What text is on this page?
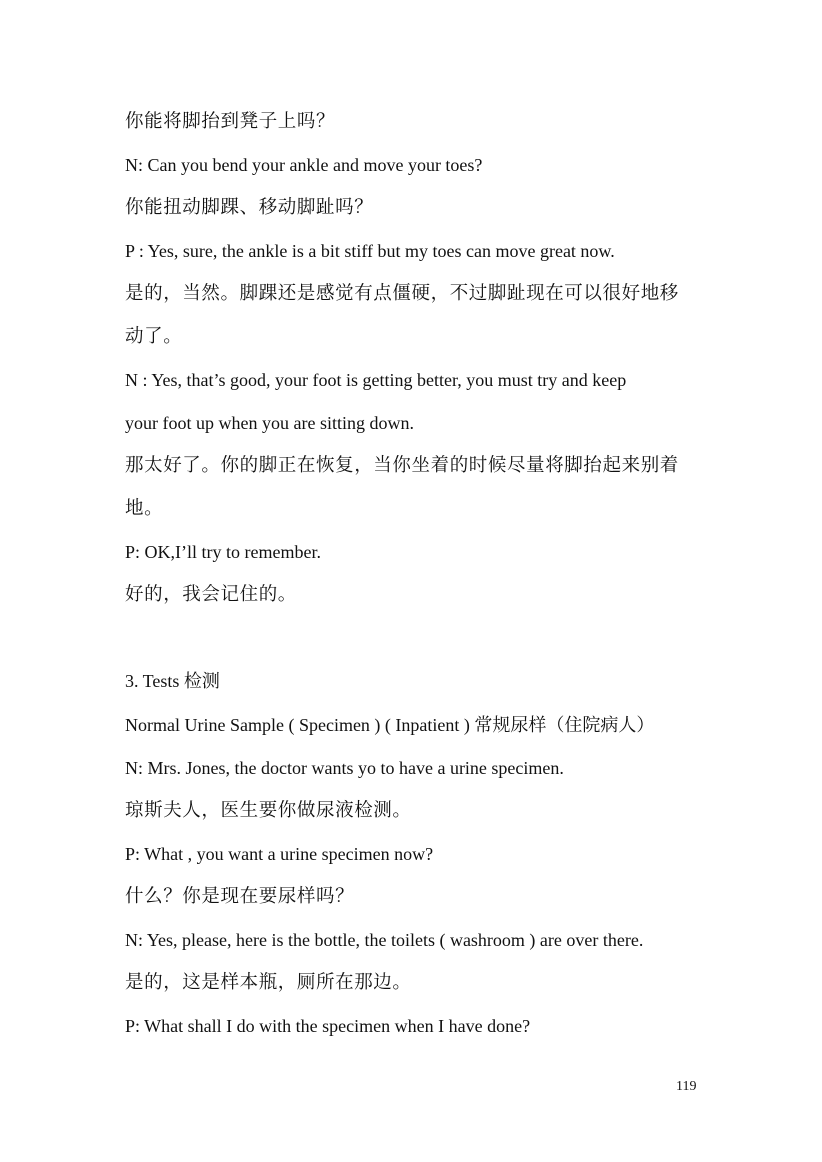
你能将脚抬到凳子上吗？
N: Can you bend your ankle and move your toes?
你能扭动脚踝、移动脚趾吗？
P : Yes, sure, the ankle is a bit stiff but my toes can move great now.
是的，当然。脚踝还是感觉有点僵硬，不过脚趾现在可以很好地移
动了。
N : Yes, that’s good, your foot is getting better, you must try and keep
your foot up when you are sitting down.
那太好了。你的脚正在恢复，当你坐着的时候尽量将脚抬起来别着
地。
P: OK,I’ll try to remember.
好的，我会记住的。
3. Tests 检测
Normal Urine Sample ( Specimen ) ( Inpatient ) 常规尿样（住院病人）
N: Mrs. Jones, the doctor wants yo to have a urine specimen.
琼斯夫人，医生要你做尿液检测。
P: What , you want a urine specimen now?
什么？你是现在要尿样吗？
N: Yes, please, here is the bottle, the toilets ( washroom ) are over there.
是的，这是样本瓶，厕所在那边。
P: What shall I do with the specimen when I have done?
119
